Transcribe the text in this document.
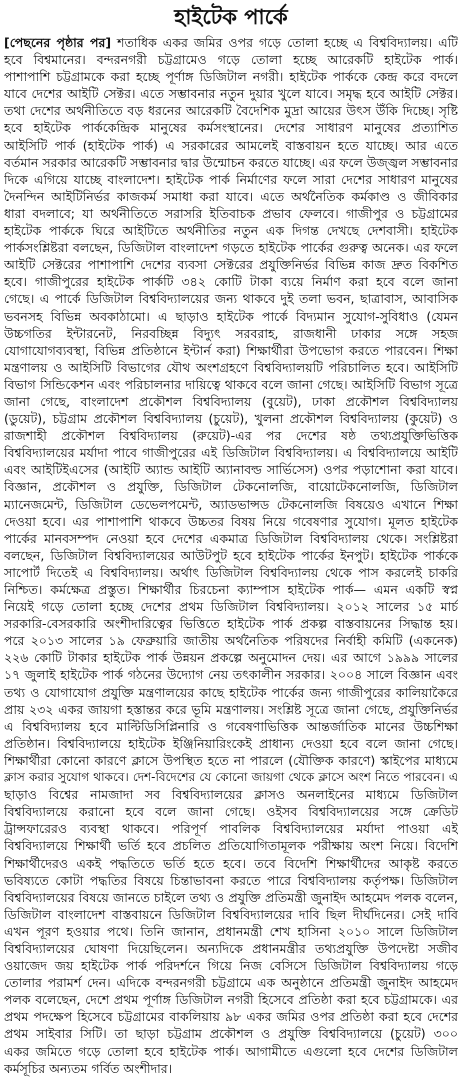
হাইটেক পার্কে
[পেছনের পৃষ্ঠার পর] শতাধিক একর জমির ওপর গড়ে তোলা হচ্ছে এ বিশ্ববিদ্যালয়। এটি
হবে বিশ্বমানের। বন্দরনগরী চট্টগ্রামেও গড়ে তোলা হচ্ছে আরেকটি হাইটেক পার্ক।
পাশাপাশি চট্টগ্রামকে করা হচ্ছে পূর্ণাঙ্গ ডিজিটাল নগরী। হাইটেক পার্ককে কেন্দ্র করে বদলে
যাবে দেশের আইটি সেক্টর। এতে সম্ভাবনার নতুন দুয়ার খুলে যাবে। সমৃদ্ধ হবে আইটি সেক্টর।
তথা দেশের অর্থনীতিতে বড় ধরনের আরেকটি বৈদেশিক মুদ্রা আয়ের উৎস উঁকি দিচ্ছে। সৃষ্টি
হবে হাইটেক পার্ককেন্দ্রিক মানুষের কর্মসংস্থানের। দেশের সাধারণ মানুষের প্রত্যাশিত
আইসিটি পার্ক (হাইটেক পার্ক) এ সরকারের আমলেই বাস্তবায়ন হতে যাচ্ছে। আর এতে
বর্তমান সরকার আরেকটি সম্ভাবনার দ্বার উন্মোচন করতে যাচ্ছে। এর ফলে উজ্জ্বল সম্ভাবনার
দিকে এগিয়ে যাচ্ছে বাংলাদেশ। হাইটেক পার্ক নির্মাণের ফলে সারা দেশের সাধারণ মানুষের
দৈনন্দিন আইটিনির্ভর কাজকর্ম সমাধা করা যাবে। এতে অর্থনৈতিক কর্মকাণ্ড ও জীবিকার
ধারা বদলাবে; যা অর্থনীতিতে সরাসরি ইতিবাচক প্রভাব ফেলবে। গাজীপুর ও চট্টগ্রামের
হাইটেক পার্ককে ঘিরে আইটিতে অর্থনীতির নতুন এক দিগন্ত দেখছে দেশবাসী। হাইটেক
পার্কসংশ্লিষ্টরা বলছেন, ডিজিটাল বাংলাদেশ গড়তে হাইটেক পার্কের গুরুত্ব অনেক। এর ফলে
আইটি সেক্টরের পাশাপাশি দেশের ব্যবসা সেক্টরের প্রযুক্তিনির্ভর বিভিন্ন কাজ দ্রুত বিকশিত
হবে। গাজীপুরের হাইটেক পার্কটি ৩৪২ কোটি টাকা ব্যয়ে নির্মাণ করা হবে বলে জানা
গেছে। এ পার্কে ডিজিটাল বিশ্ববিদ্যালয়ের জন্য থাকবে দুই তলা ভবন, ছাত্রাবাস, আবাসিক
ভবনসহ বিভিন্ন অবকাঠামো। এ ছাড়াও হাইটেক পার্কে বিদ্যমান সুযোগ-সুবিধাও (যেমন
উচ্চগতির ইন্টারনেট, নিরবচ্ছিন্ন বিদ্যুৎ সরবরাহ, রাজধানী ঢাকার সঙ্গে সহজ
যোগাযোগব্যবস্থা, বিভিন্ন প্রতিষ্ঠানে ইন্টার্ন করা) শিক্ষার্থীরা উপভোগ করতে পারবেন। শিক্ষা
মন্ত্রণালয় ও আইসিটি বিভাগের যৌথ অংশগ্রহণে বিশ্ববিদ্যালয়টি পরিচালিত হবে। আইসিটি
বিভাগ সিন্ডিকেশন এবং পরিচালনার দায়িত্বে থাকবে বলে জানা গেছে। আইসিটি বিভাগ সূত্রে
জানা গেছে, বাংলাদেশ প্রকৌশল বিশ্ববিদ্যালয় (বুয়েট), ঢাকা প্রকৌশল বিশ্ববিদ্যালয়
(ডুয়েট), চট্টগ্রাম প্রকৌশল বিশ্ববিদ্যালয় (চুয়েট), খুলনা প্রকৌশল বিশ্ববিদ্যালয় (কুয়েট) ও
রাজশাহী প্রকৌশল বিশ্ববিদ্যালয় (রুয়েট)-এর পর দেশের ষষ্ঠ তথ্যপ্রযুক্তিভিত্তিক
বিশ্ববিদ্যালয়ের মর্যাদা পাবে গাজীপুরের এই ডিজিটাল বিশ্ববিদ্যালয়। এ বিশ্ববিদ্যালয়ে আইটি
এবং আইটিইএসের (আইটি অ্যান্ড আইটি অ্যানাবল্ড সার্ভিসেস) ওপর পড়াশোনা করা যাবে।
বিজ্ঞান, প্রকৌশল ও প্রযুক্তি, ডিজিটাল টেকনোলজি, বায়োটেকনোলজি, ডিজিটাল
ম্যানেজমেন্ট, ডিজিটাল ডেভেলপমেন্ট, অ্যাডভান্সড টেকনোলজি বিষয়েও এখানে শিক্ষা
দেওয়া হবে। এর পাশাপাশি থাকবে উচ্চতর বিষয় নিয়ে গবেষণার সুযোগ। মূলত হাইটেক
পার্কের মানবসম্পদ নেওয়া হবে দেশের একমাত্র ডিজিটাল বিশ্ববিদ্যালয় থেকে। সংশ্লিষ্টরা
বলছেন, ডিজিটাল বিশ্ববিদ্যালয়ের আউটপুট হবে হাইটেক পার্কের ইনপুট। হাইটেক পার্ককে
সাপোর্ট দিতেই এ বিশ্ববিদ্যালয়। অর্থাৎ ডিজিটাল বিশ্ববিদ্যালয় থেকে পাস করলেই চাকরি
নিশ্চিত। কর্মক্ষেত্র প্রস্তুত। শিক্ষার্থীর চিরচেনা ক্যাম্পাস হাইটেক পার্ক— এমন একটি স্বপ্ন
নিয়েই গড়ে তোলা হচ্ছে দেশের প্রথম ডিজিটাল বিশ্ববিদ্যালয়। ২০১২ সালের ১৫ মার্চ
সরকারি-বেসরকারি অংশীদারিত্বের ভিত্তিতে হাইটেক পার্ক প্রকল্প বাস্তবায়নের সিদ্ধান্ত হয়।
পরে ২০১৩ সালের ১৯ ফেব্রুয়ারি জাতীয় অর্থনৈতিক পরিষদের নির্বাহী কমিটি (একনেক)
২২৬ কোটি টাকার হাইটেক পার্ক উন্নয়ন প্রকল্পে অনুমোদন দেয়। এর আগে ১৯৯৯ সালের
১৭ জুলাই হাইটেক পার্ক গঠনের উদ্যোগ নেয় তৎকালীন সরকার। ২০০৪ সালে বিজ্ঞান এবং
তথ্য ও যোগাযোগ প্রযুক্তি মন্ত্রণালয়ের কাছে হাইটেক পার্কের জন্য গাজীপুরের কালিয়াকৈরে
প্রায় ২৩২ একর জায়গা হস্তান্তর করে ভূমি মন্ত্রণালয়। সংশ্লিষ্ট সূত্রে জানা গেছে, প্রযুক্তিনির্ভর
এ বিশ্ববিদ্যালয় হবে মাল্টিডিসিপ্লিনারি ও গবেষণাভিত্তিক আন্তর্জাতিক মানের উচ্চশিক্ষা
প্রতিষ্ঠান। বিশ্ববিদ্যালয়ে হাইটেক ইঞ্জিনিয়ারিংকেই প্রাধান্য দেওয়া হবে বলে জানা গেছে।
শিক্ষার্থীরা কোনো কারণে ক্লাসে উপস্থিত হতে না পারলে (যৌক্তিক কারণে) স্কাইপের মাধ্যমে
ক্লাস করার সুযোগ থাকবে। দেশ-বিদেশের যে কোনো জায়গা থেকে ক্লাসে অংশ নিতে পারবেন। এ
ছাড়াও বিশ্বের নামজাদা সব বিশ্ববিদ্যালয়ের ক্লাসও অনলাইনের মাধ্যমে ডিজিটাল
বিশ্ববিদ্যালয়ে করানো হবে বলে জানা গেছে। ওইসব বিশ্ববিদ্যালয়ের সঙ্গে ক্রেডিট
ট্রান্সফারেরও ব্যবস্থা থাকবে। পরিপূর্ণ পাবলিক বিশ্ববিদ্যালয়ের মর্যাদা পাওয়া এই
বিশ্ববিদ্যালয়ে শিক্ষার্থী ভর্তি হবে প্রচলিত প্রতিযোগিতামূলক পরীক্ষায় অংশ নিয়ে। বিদেশি
শিক্ষার্থীদেরও একই পদ্ধতিতে ভর্তি হতে হবে। তবে বিদেশি শিক্ষার্থীদের আকৃষ্ট করতে
ভবিষ্যতে কোটা পদ্ধতির বিষয়ে চিন্তাভাবনা করতে পারে বিশ্ববিদ্যালয় কর্তৃপক্ষ। ডিজিটাল
বিশ্ববিদ্যালয়ের বিষয়ে জানতে চাইলে তথ্য ও প্রযুক্তি প্রতিমন্ত্রী জুনাইদ আহমেদ পলক বলেন,
ডিজিটাল বাংলাদেশ বাস্তবায়নে ডিজিটাল বিশ্ববিদ্যালয়ের দাবি ছিল দীর্ঘদিনের। সেই দাবি
এখন পূরণ হওয়ার পথে। তিনি জানান, প্রধানমন্ত্রী শেখ হাসিনা ২০১০ সালে ডিজিটাল
বিশ্ববিদ্যালয়ের ঘোষণা দিয়েছিলেন। অন্যদিকে প্রধানমন্ত্রীর তথ্যপ্রযুক্তি উপদেষ্টা সজীব
ওয়াজেদ জয় হাইটেক পার্ক পরিদর্শনে গিয়ে নিজ বেসিসে ডিজিটাল বিশ্ববিদ্যালয় গড়ে
তোলার পরামর্শ দেন। এদিকে বন্দরনগরী চট্টগ্রামে এক অনুষ্ঠানে প্রতিমন্ত্রী জুনাইদ আহমেদ
পলক বলেছেন, দেশে প্রথম পূর্ণাঙ্গ ডিজিটাল নগরী হিসেবে প্রতিষ্ঠা করা হবে চট্টগ্রামকে। এর
প্রথম পদক্ষেপ হিসেবে চট্টগ্রামের বাকলিয়ায় ৯৮ একর জমির ওপর প্রতিষ্ঠা করা হবে দেশের
প্রথম সাইবার সিটি। তা ছাড়া চট্টগ্রাম প্রকৌশল ও প্রযুক্তি বিশ্ববিদ্যালয়ে (চুয়েট) ৩০০
একর জমিতে গড়ে তোলা হবে হাইটেক পার্ক। আগামীতে এগুলো হবে দেশের ডিজিটাল
কর্মসূচির অন্যতম গর্বিত অংশীদার।
